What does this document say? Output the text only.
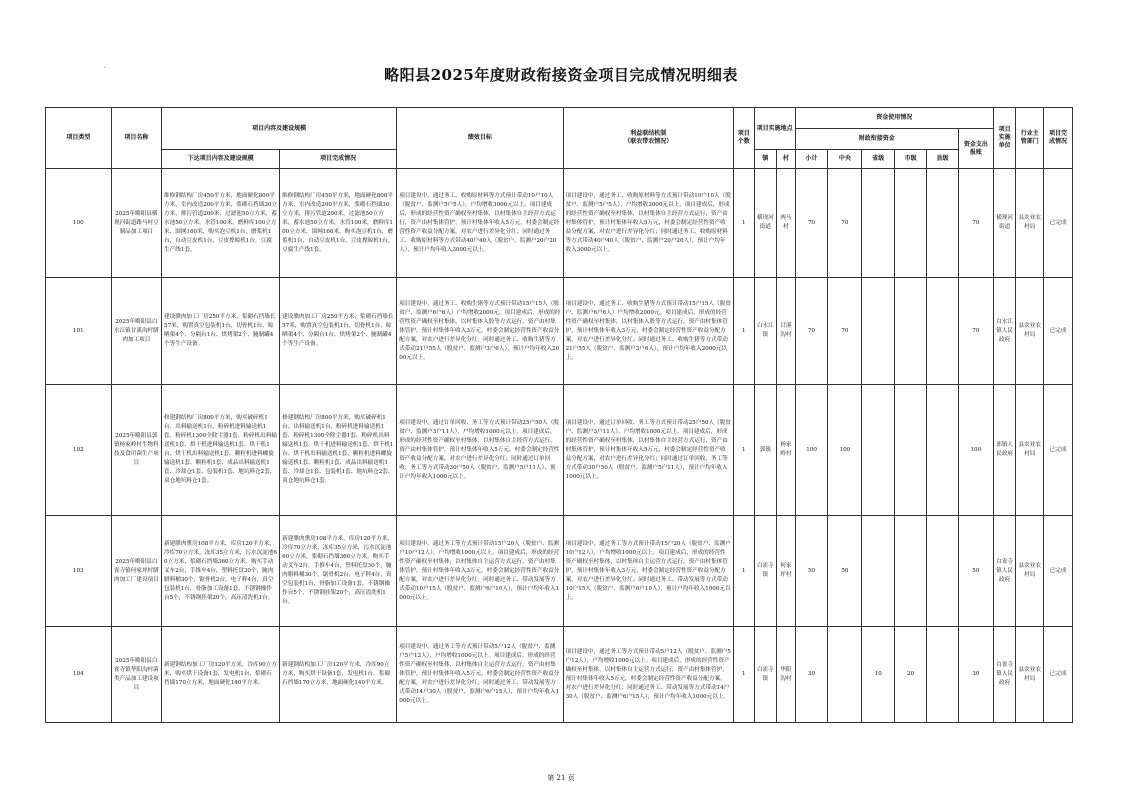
.	略阳县2025年度财政衔接资金项目完成情况明细表
项目类型	项目名称	项目内容及建设规模		绩效目标	利益联结机制
（联农带农情况）	项目个数	项目实施地点		资金使用情况						项目实施单位	行业主管部门	项目完成情况
									财政衔接资金					资金支出报账			
		下达项目内容及建设规模	项目完成情况				镇	村	小计	中央	省级	市级	县级				
100	2025年略阳县横现河街道路马村豆制品加工项目	维修钢结构厂房450平方米，地面硬化800平方米，室内改造200平方米，浆砌石挡墙30立方米，排污管道200米，过滤池50立方米，蓄水池50立方米，水管100米，磨鲜库100立方米，围网160米，购买泡豆机1台，磨浆机1台，自动豆皮机1台，豆皮撑晾机1台，豆腐生产线1套。	维修钢结构厂房450平方米，地面硬化800平方米，室内改造200平方米，浆砌石挡墙30立方米，排污管道200米，过滤池50立方米，蓄水池50立方米，水管100米，磨鲜库100立方米，围网160米，购买泡豆机1台，磨浆机1台，自动豆皮机1台，豆皮撑晾机1台，豆腐生产线1套。	项目建设中，通过务工、收购原材料等方式预计带动10户10人（脱贫户、监测户5户5人），户均增收3000元以上。项目建成后，形成的经营性资产确权至村集体，以村集体自主经营方式运行，资产由村集体管护，预计村集体年收入5万元，村委会制定经营性资产收益分配方案，对农户进行差异化分红；同时通过务工、收购原材料等方式带动40户40人（脱贫户、监测户20户20人），预计户均年收入3000元以上。	项目建设中，通过务工、收购原材料等方式预计带动10户10人（脱贫户、监测户5户5人），户均增收3000元以上。项目建成后，形成的经营性资产确权至村集体，以村集体自主经营方式运行，资产由村集体管护，预计村集体年收入5万元，村委会制定经营性资产收益分配方案，对农户进行差异化分红；同时通过务工、收购原材料等方式带动40户40人（脱贫户、监测户20户20人），预计户均年收入3000元以上。	1	横现河街道	两马村	70	70				70	横现河街道	县农业农村局	已完成
101	2025年略阳县白水江镇甘溪沟村腊肉加工项目	建设腊肉加工厂房250平方米，浆砌石挡墙长57米，购置真空包装机1台、切骨机1台、晾晒架4个、分隔台1台、烘烤架2个、腌制罐4个等生产设备。	建设腊肉加工厂房250平方米，浆砌石挡墙长57米，购置真空包装机1台、切骨机1台、晾晒架4个、分隔台1台、烘烤架2个、腌制罐4个等生产设备。	项目建设中，通过务工、收购生猪等方式预计带动15户15人（脱贫户、监测户6户6人）户均增收2000元。项目建成后，形成的经营性资产确权至村集体，以村集体入股等方式运行，资产由村集体管护，预计村集体年收入3万元，村委会制定经营性资产收益分配方案，对农户进行差异化分红；同时通过务工、收购生猪等方式带动21户55人（脱贫户、监测户3户6人），预计户均年收入2000元以上。	项目建设中，通过务工、收购生猪等方式预计带动15户15人（脱贫户、监测户6户6人）户均增收2000元。项目建成后，形成的经营性资产确权至村集体，以村集体入股等方式运行，资产由村集体管护，预计村集体年收入3万元，村委会制定经营性资产收益分配方案，对农户进行差异化分红；同时通过务工、收购生猪等方式带动21户55人（脱贫户、监测户3户6人），预计户均年收入2000元以上。	1	白水江镇	甘溪沟村	70	70				70	白水江镇人民政府	县农业农村局	已完成
102	2025年略阳县郭镇杨家岭村生物科技及食用菌生产项目	修建钢结构厂房800平方米，购买破碎机1台、出料输送机1台、粉碎机进料输送机1套、粉碎机1300全除尘器1套、粉碎机出料输送机1套、烘干机进料输送机1套、烘干机1台、烘干机出料输送机1套、颗粒机进料螺旋输送机1套、颗粒机1套、成品出料输送机1套、冷却仓1套、包装机1套、地坑料仓2套、双仓地坑料仓1套。	修建钢结构厂房800平方米，购买破碎机1台、出料输送机1台、粉碎机进料输送机1套、粉碎机1300全除尘器1套、粉碎机出料输送机1套、烘干机进料输送机1套、烘干机1台、烘干机出料输送机1套、颗粒机进料螺旋输送机1套、颗粒机1套、成品出料输送机1套、冷却仓1套、包装机1套、地坑料仓2套、双仓地坑料仓1套。	项目建设中，通过订单回收、务工等方式预计带动25户50人（脱贫户、监测户3户11人），户均增收1000元以上。项目建成后，形成的经营性资产确权至村集体，以村集体自主经营方式运行，资产由村集体管护，预计村集体年收入5万元，村委会制定经营性资产收益分配方案，对农户进行差异化分红；同时通过订单回收、务工等方式带动30户50人（脱贫户、监测户5户11人），预计户均年收入1000元以上。	项目建设中，通过订单回收、务工等方式预计带动25户50人（脱贫户、监测户3户11人），户均增收1000元以上。项目建成后，形成的经营性资产确权至村集体，以村集体自主经营方式运行，资产由村集体管护，预计村集体年收入5万元，村委会制定经营性资产收益分配方案，对农户进行差异化分红；同时通过订单回收、务工等方式带动30户50人（脱贫户、监测户5户11人），预计户均年收入1000元以上。	1	郭镇	杨家岭村	100	100				100	郭镇人民政府	县农业农村局	已完成
103	2025年略阳县白雀寺镇何家坪村腊肉加工厂建设项目	新建腊肉熏房108平方米，库房120平方米，冷库70立方米，冻库35立方米，污水沉淀池60立方米，浆砌石挡墙360立方米。购买手动叉车2台，手推车4台，塑料托盘30个，腌肉腊料桶30个，锯骨机2台，电子秤4台，真空包装机1台，骨脂加工设备1套，不锈钢操作台5个，不锈钢挂架20个，高压清洗机1台。	新建腊肉熏房108平方米，库房120平方米，冷库70立方米，冻库35立方米，污水沉淀池60立方米，浆砌石挡墙360立方米。购买手动叉车2台，手推车4台，塑料托盘30个，腌肉腊料桶30个，锯骨机2台，电子秤4台，真空包装机1台，骨脂加工设备1套，不锈钢操作台5个，不锈钢挂架20个，高压清洗机1台。	项目建设中，通过务工等方式预计带动15户20人（脱贫户、监测户10户12人），户均增收1000元以上。项目建成后，形成的经营性资产确权至村集体，以村集体自主运营方式运行，资产由村集体管护，预计村集体年收入3万元，村委会制定经营性资产收益分配方案，对农户进行差异化分红；同时通过务工、带动发展等方式带动10户15人（脱贫户、监测户6户10人），预计户均年收入1000元以上。	项目建设中，通过务工等方式预计带动15户20人（脱贫户、监测户10户12人），户均增收1000元以上。项目建成后，形成的经营性资产确权至村集体，以村集体自主运营方式运行，资产由村集体管护，预计村集体年收入3万元，村委会制定经营性资产收益分配方案，对农户进行差异化分红；同时通过务工、带动发展等方式带动10户15人（脱贫户、监测户6户10人），预计户均年收入1000元以上。	1	白雀寺镇	何家坪村	50	50				50	白雀寺镇人民政府	县农业农村局	已完成
104	2025年略阳县白雀寺镇华阳沟村菌类产品加工建设项目	新建钢结构加工厂房120平方米，冷库90立方米，购买烘干设备1套，发电机1台，浆砌石挡墙170立方米，地面硬化140平方米。	新建钢结构加工厂房120平方米，冷库90立方米，购买烘干设备1套，发电机1台，浆砌石挡墙170立方米，地面硬化140平方米。	项目建设中，通过务工等方式预计带动5户12人（脱贫户、监测户5户12人），户均增收1000元以上。项目建成后，形成的经营性资产确权至村集体，以村集体自主运营方式运行，资产由村集体管护，预计村集体年收入5万元，村委会制定经营性资产收益分配方案，对农户进行差异化分红；同时通过务工、带动发展等方式带动14户30人（脱贫户、监测户6户15人），预计户均年收入1000元以上。	项目建设中，通过务工等方式预计带动5户12人（脱贫户、监测户5户12人），户均增收1000元以上。项目建成后，形成的经营性资产确权至村集体，以村集体自主运营方式运行，资产由村集体管护，预计村集体年收入5万元，村委会制定经营性资产收益分配方案，对农户进行差异化分红；同时通过务工、带动发展等方式带动14户30人（脱贫户、监测户6户15人），预计户均年收入1000元以上。	1	白雀寺镇	华阳沟村	30		10	20		30	白雀寺镇人民政府	县农业农村局	已完成
第 21 页
